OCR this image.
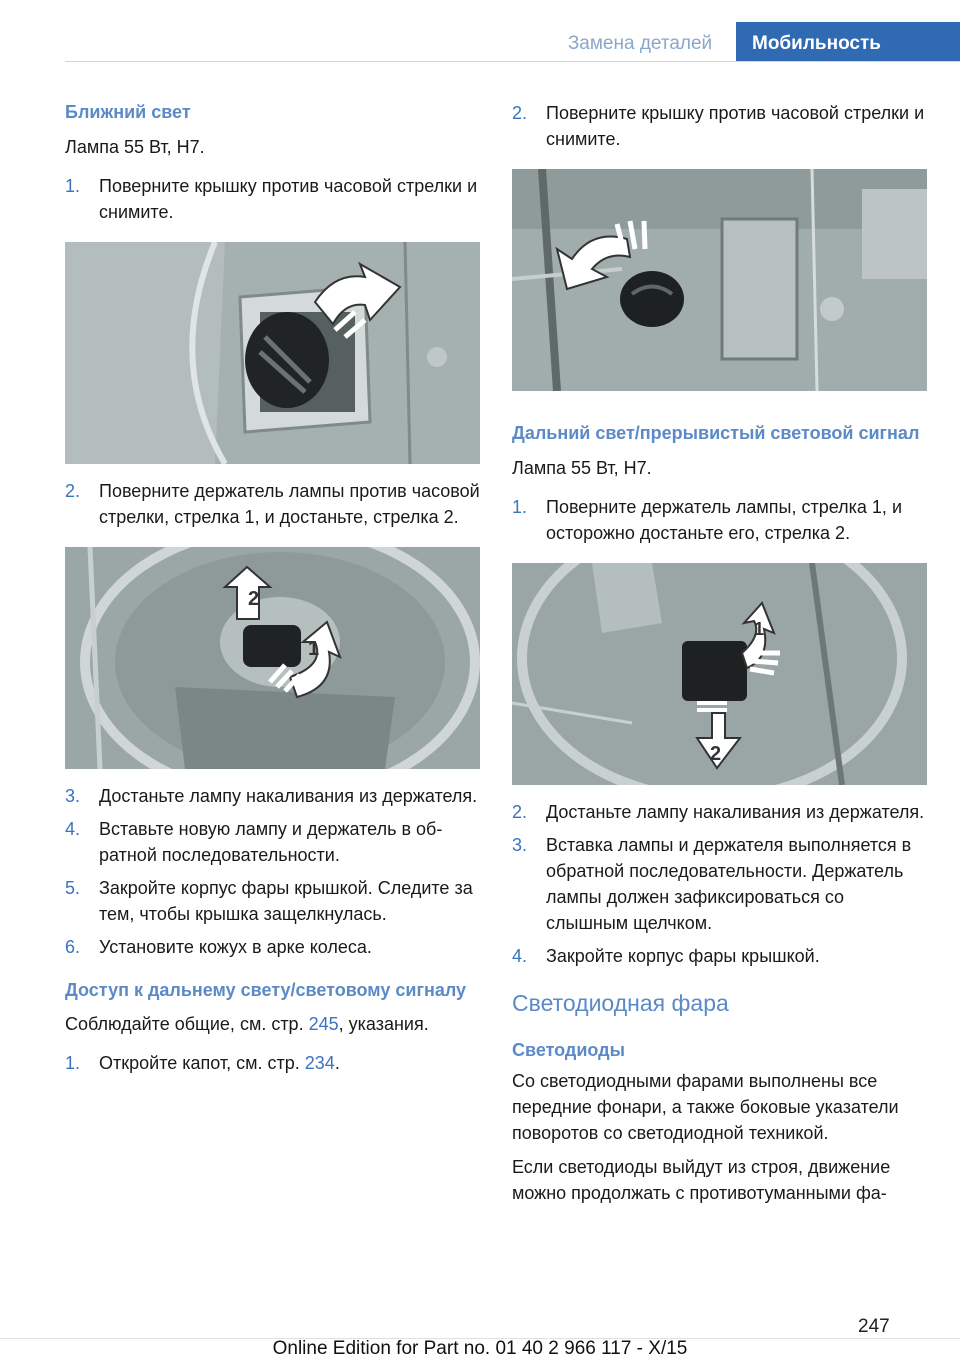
Замена деталей	Мобильность
Ближний свет
Лампа 55 Вт, H7.
1. Поверните крышку против часовой стрелки и снимите.
2. Поверните держатель лампы против часовой стрелки, стрелка 1, и достаньте, стрелка 2.
2
1
3. Достаньте лампу накаливания из держателя.
4. Вставьте новую лампу и держатель в обратной последовательности.
5. Закройте корпус фары крышкой. Следите за тем, чтобы крышка защелкнулась.
6. Установите кожух в арке колеса.
Доступ к дальнему свету/световому сигналу
Соблюдайте общие, см. стр. 245, указания.
1. Откройте капот, см. стр. 234.
2. Поверните крышку против часовой стрелки и снимите.
Дальний свет/прерывистый световой сигнал
Лампа 55 Вт, H7.
1. Поверните держатель лампы, стрелка 1, и осторожно достаньте его, стрелка 2.
1
2
2. Достаньте лампу накаливания из держателя.
3. Вставка лампы и держателя выполняется в обратной последовательности. Держатель лампы должен зафиксироваться со слышным щелчком.
4. Закройте корпус фары крышкой.
Светодиодная фара
Светодиоды
Со светодиодными фарами выполнены все передние фонари, а также боковые указатели поворотов со светодиодной техникой.
Если светодиоды выйдут из строя, движение можно продолжать с противотуманными фа-
247
Online Edition for Part no. 01 40 2 966 117 - X/15
